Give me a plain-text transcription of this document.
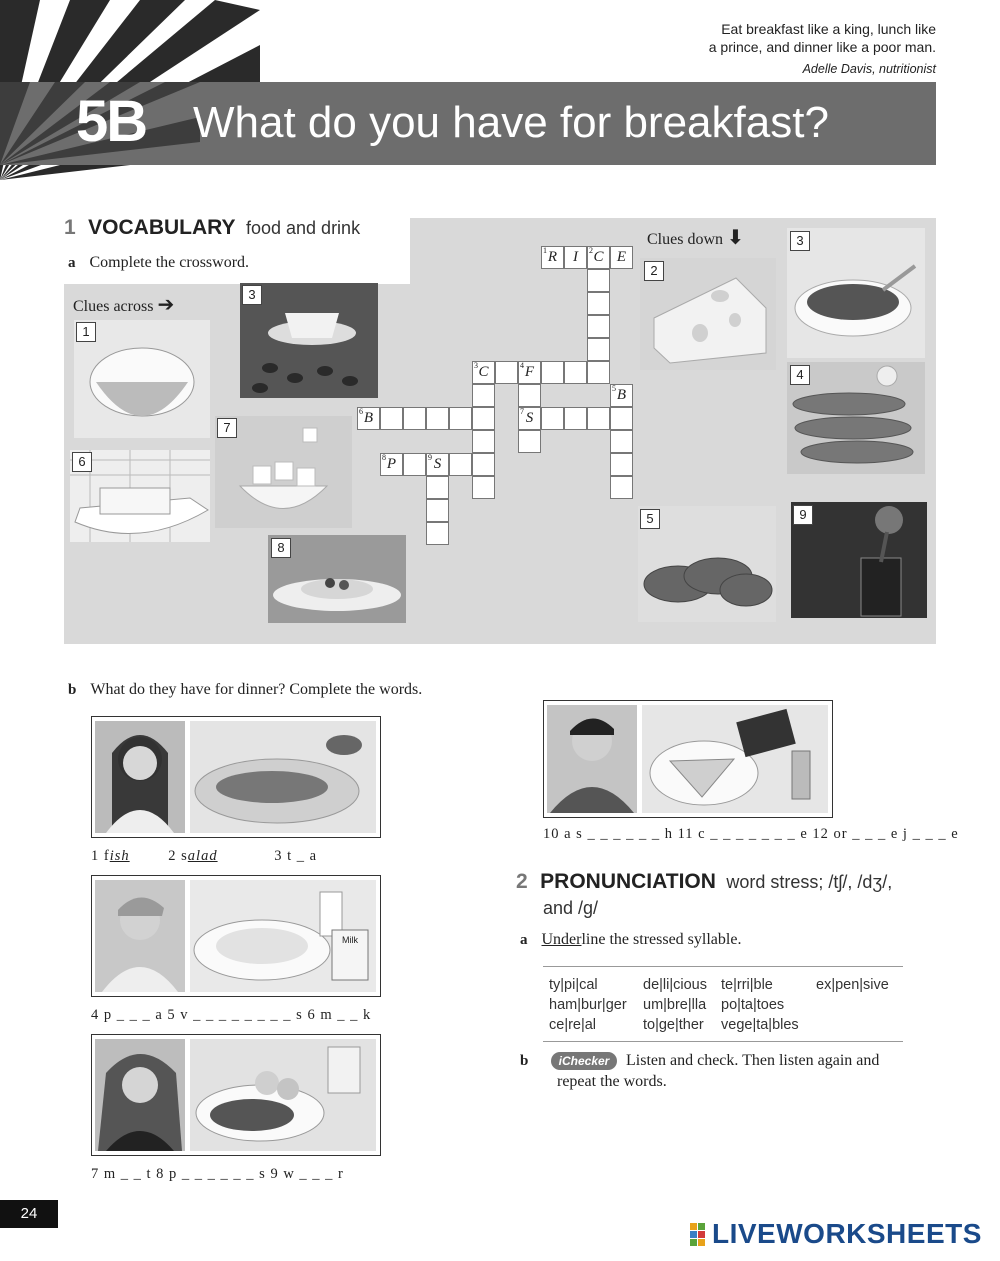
Eat breakfast like a king, lunch like
a prince, and dinner like a poor man.
Adelle Davis, nutritionist
5B What do you have for breakfast?
1
3
7
6
8
2
3
4
5	9
1 R	I	2 C E
3 C	4 F
5 B
6 B	7 S
8 P	9 S
1 VOCABULARY food and drink
a Complete the crossword.
Clues across ➔
Clues down ⬇
b What do they have for dinner? Complete the words.
1 fish	2 salad	3 t _ a
Milk
4 p _ _ _ a 5 v _ _ _ _ _ _ _ _ s 6 m _ _ k
7 m _ _ t 8 p _ _ _ _ _ _ s 9 w _ _ _ r
10 a s _ _ _ _ _ _ h 11 c _ _ _ _ _ _ _ e 12 or _ _ _ e j _ _ _ e
2 PRONUNCIATION word stress; /tʃ/, /dʒ/,
and /g/
a Underline the stressed syllable.
ty|pi|cal	de|li|cious te|rri|ble	ex|pen|sive
ham|bur|ger um|bre|lla po|ta|toes
ce|re|al	to|ge|ther vege|ta|bles
b	iChecker	Listen and check. Then listen again and
repeat the words.
24
LIVEWORKSHEETS
